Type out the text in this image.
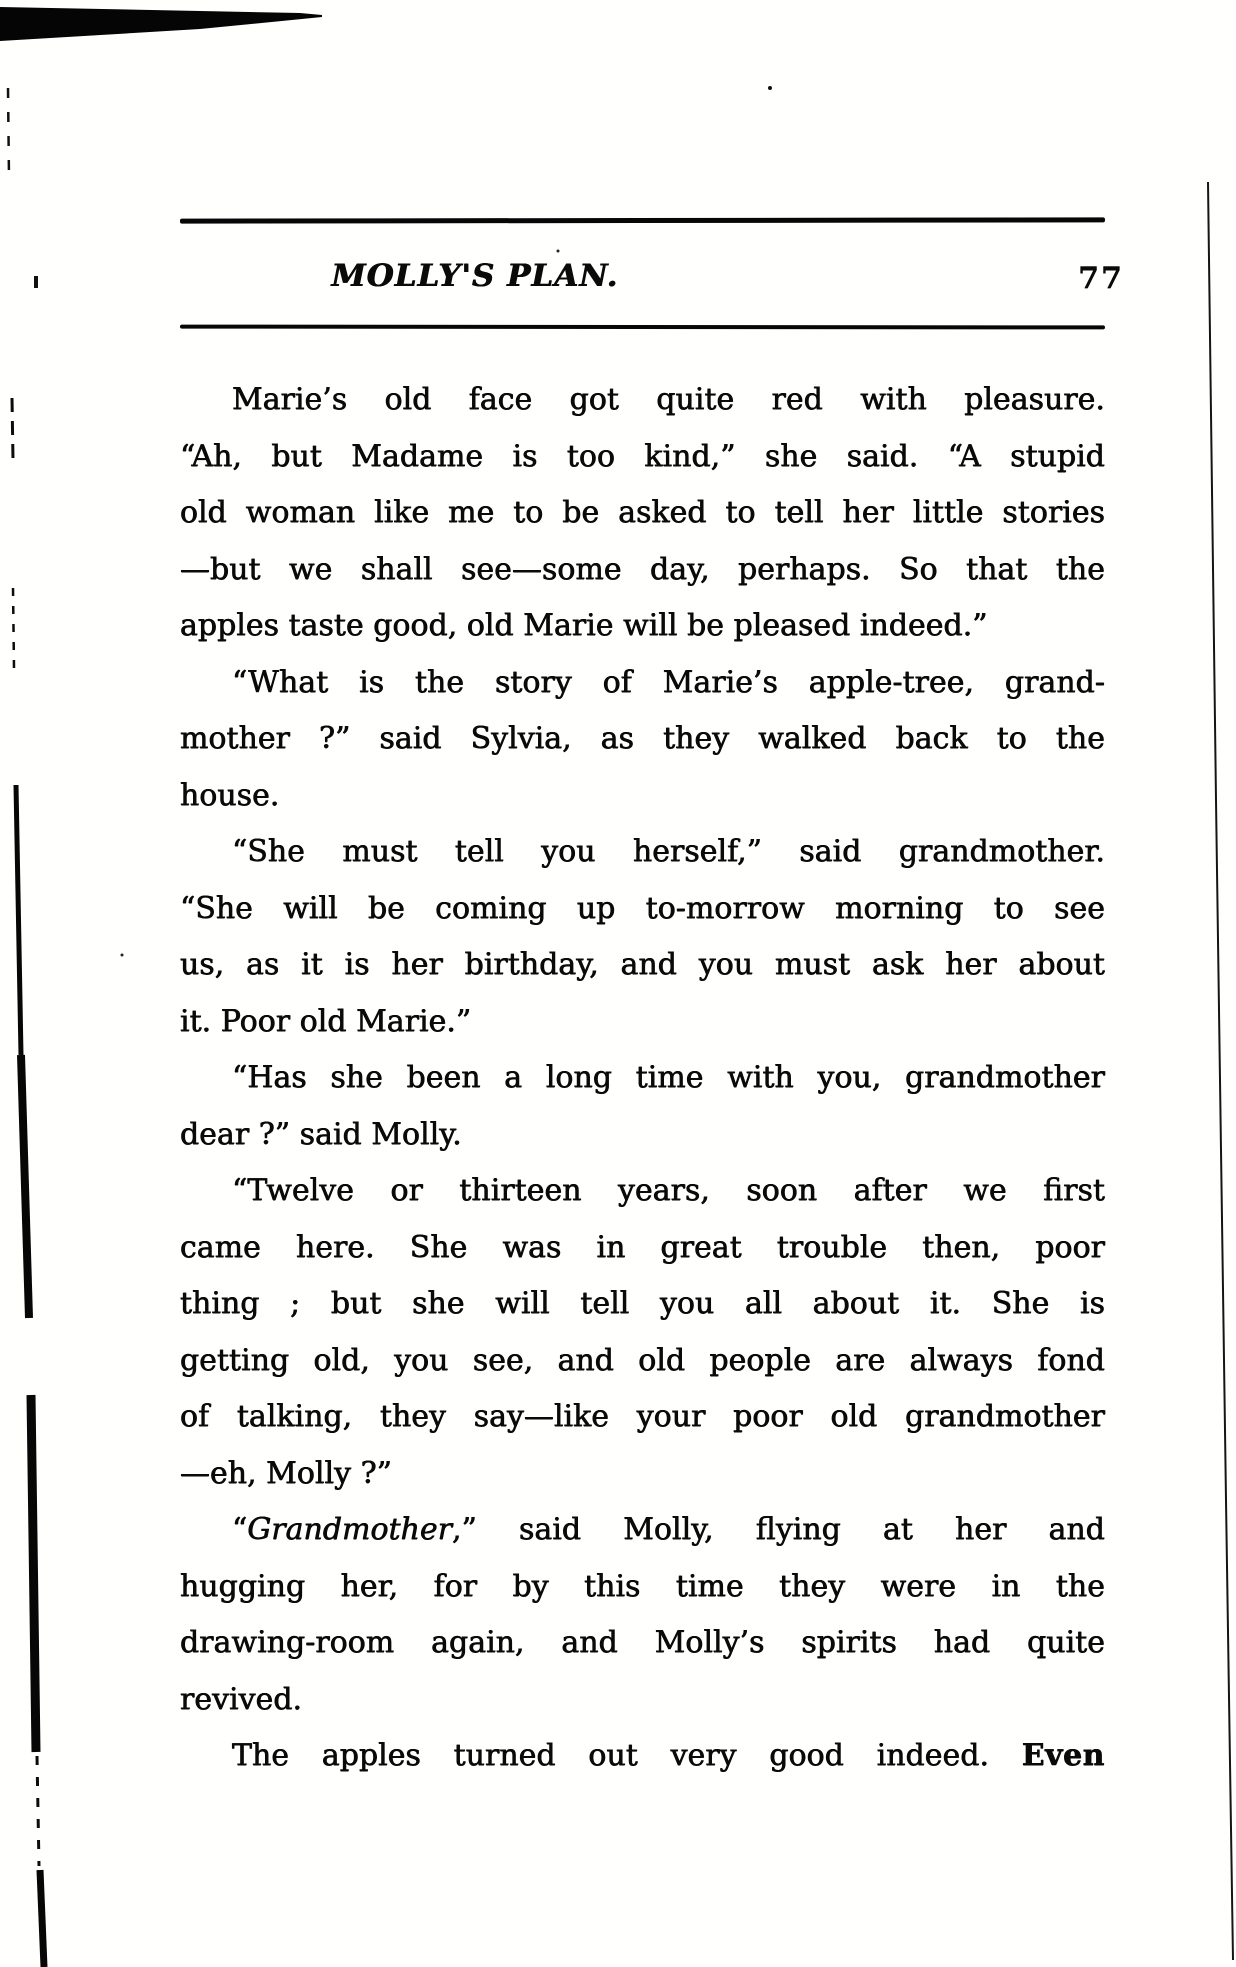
MOLLY'S PLAN.	77
Marie’s old face got quite red with pleasure.
“Ah, but Madame is too kind,” she said. “A stupid
old woman like me to be asked to tell her little stories
—but we shall see—some day, perhaps. So that the
apples taste good, old Marie will be pleased indeed.”
“What is the story of Marie’s apple-tree, grand-
mother ?” said Sylvia, as they walked back to the
house.
“She must tell you herself,” said grandmother.
“She will be coming up to-morrow morning to see
us, as it is her birthday, and you must ask her about
it. Poor old Marie.”
“Has she been a long time with you, grandmother
dear ?” said Molly.
“Twelve or thirteen years, soon after we first
came here. She was in great trouble then, poor
thing ; but she will tell you all about it. She is
getting old, you see, and old people are always fond
of talking, they say—like your poor old grandmother
—eh, Molly ?”
“Grandmother,” said Molly, flying at her and
hugging her, for by this time they were in the
drawing-room again, and Molly’s spirits had quite
revived.
The apples turned out very good indeed. Even
